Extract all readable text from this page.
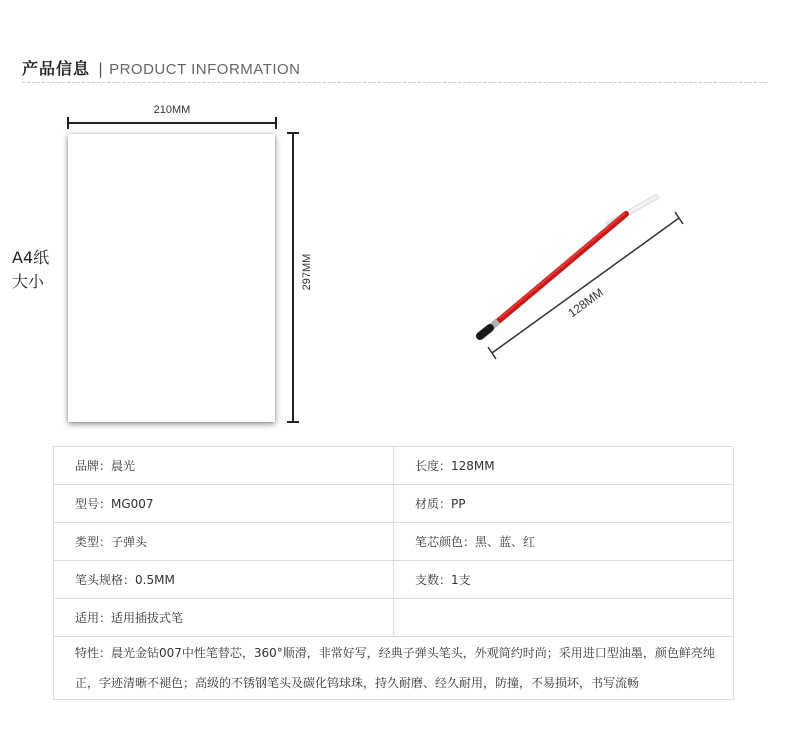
产品信息 | PRODUCT INFORMATION
A4纸
大小
210MM
297MM
128MM
品牌：晨光	长度：128MM
型号：MG007	材质：PP
类型：子弹头	笔芯颜色：黑、蓝、红
笔头规格：0.5MM	支数：1支
适用：适用插拔式笔	
特性：晨光金钻007中性笔替芯，360°顺滑，非常好写，经典子弹头笔头，外观简约时尚；采用进口型油墨，颜色鲜亮纯正，字迹清晰不褪色；高级的不锈钢笔头及碳化钨球珠，持久耐磨、经久耐用，防撞，不易损坏，书写流畅	
